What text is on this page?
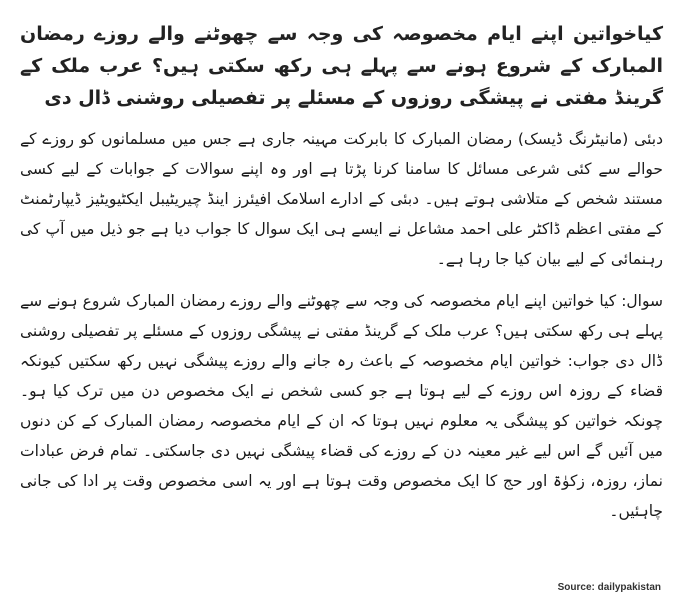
کیاخواتین اپنے ایام مخصوصہ کی وجہ سے چھوٹنے والے روزے رمضان المبارک کے شروع ہونے سے پہلے ہی رکھ سکتی ہیں؟ عرب ملک کے گرینڈ مفتی نے پیشگی روزوں کے مسئلے پر تفصیلی روشنی ڈال دی
دبئی (مانیٹرنگ ڈیسک) رمضان المبارک کا بابرکت مہینہ جاری ہے جس میں مسلمانوں کو روزے کے حوالے سے کئی شرعی مسائل کا سامنا کرنا پڑتا ہے اور وہ اپنے سوالات کے جوابات کے لیے کسی مستند شخص کے متلاشی ہوتے ہیں۔ دبئی کے ادارے اسلامک افیئرز اینڈ چیریٹیبل ایکٹیویٹیز ڈیپارٹمنٹ کے مفتی اعظم ڈاکٹر علی احمد مشاعل نے ایسے ہی ایک سوال کا جواب دیا ہے جو ذیل میں آپ کی رہنمائی کے لیے بیان کیا جا رہا ہے۔
سوال: کیا خواتین اپنے ایام مخصوصہ کی وجہ سے چھوٹنے والے روزے رمضان المبارک شروع ہونے سے پہلے ہی رکھ سکتی ہیں؟ عرب ملک کے گرینڈ مفتی نے پیشگی روزوں کے مسئلے پر تفصیلی روشنی ڈال دی جواب: خواتین ایام مخصوصہ کے باعث رہ جانے والے روزے پیشگی نہیں رکھ سکتیں کیونکہ قضاء کے روزہ اس روزے کے لیے ہوتا ہے جو کسی شخص نے ایک مخصوص دن میں ترک کیا ہو۔ چونکہ خواتین کو پیشگی یہ معلوم نہیں ہوتا کہ ان کے ایام مخصوصہ رمضان المبارک کے کن دنوں میں آئیں گے اس لیے غیر معینہ دن کے روزے کی قضاء پیشگی نہیں دی جاسکتی۔ تمام فرض عبادات نماز، روزہ، زکوٰۃ اور حج کا ایک مخصوص وقت ہوتا ہے اور یہ اسی مخصوص وقت پر ادا کی جانی چاہئیں۔
Source: dailypakistan
